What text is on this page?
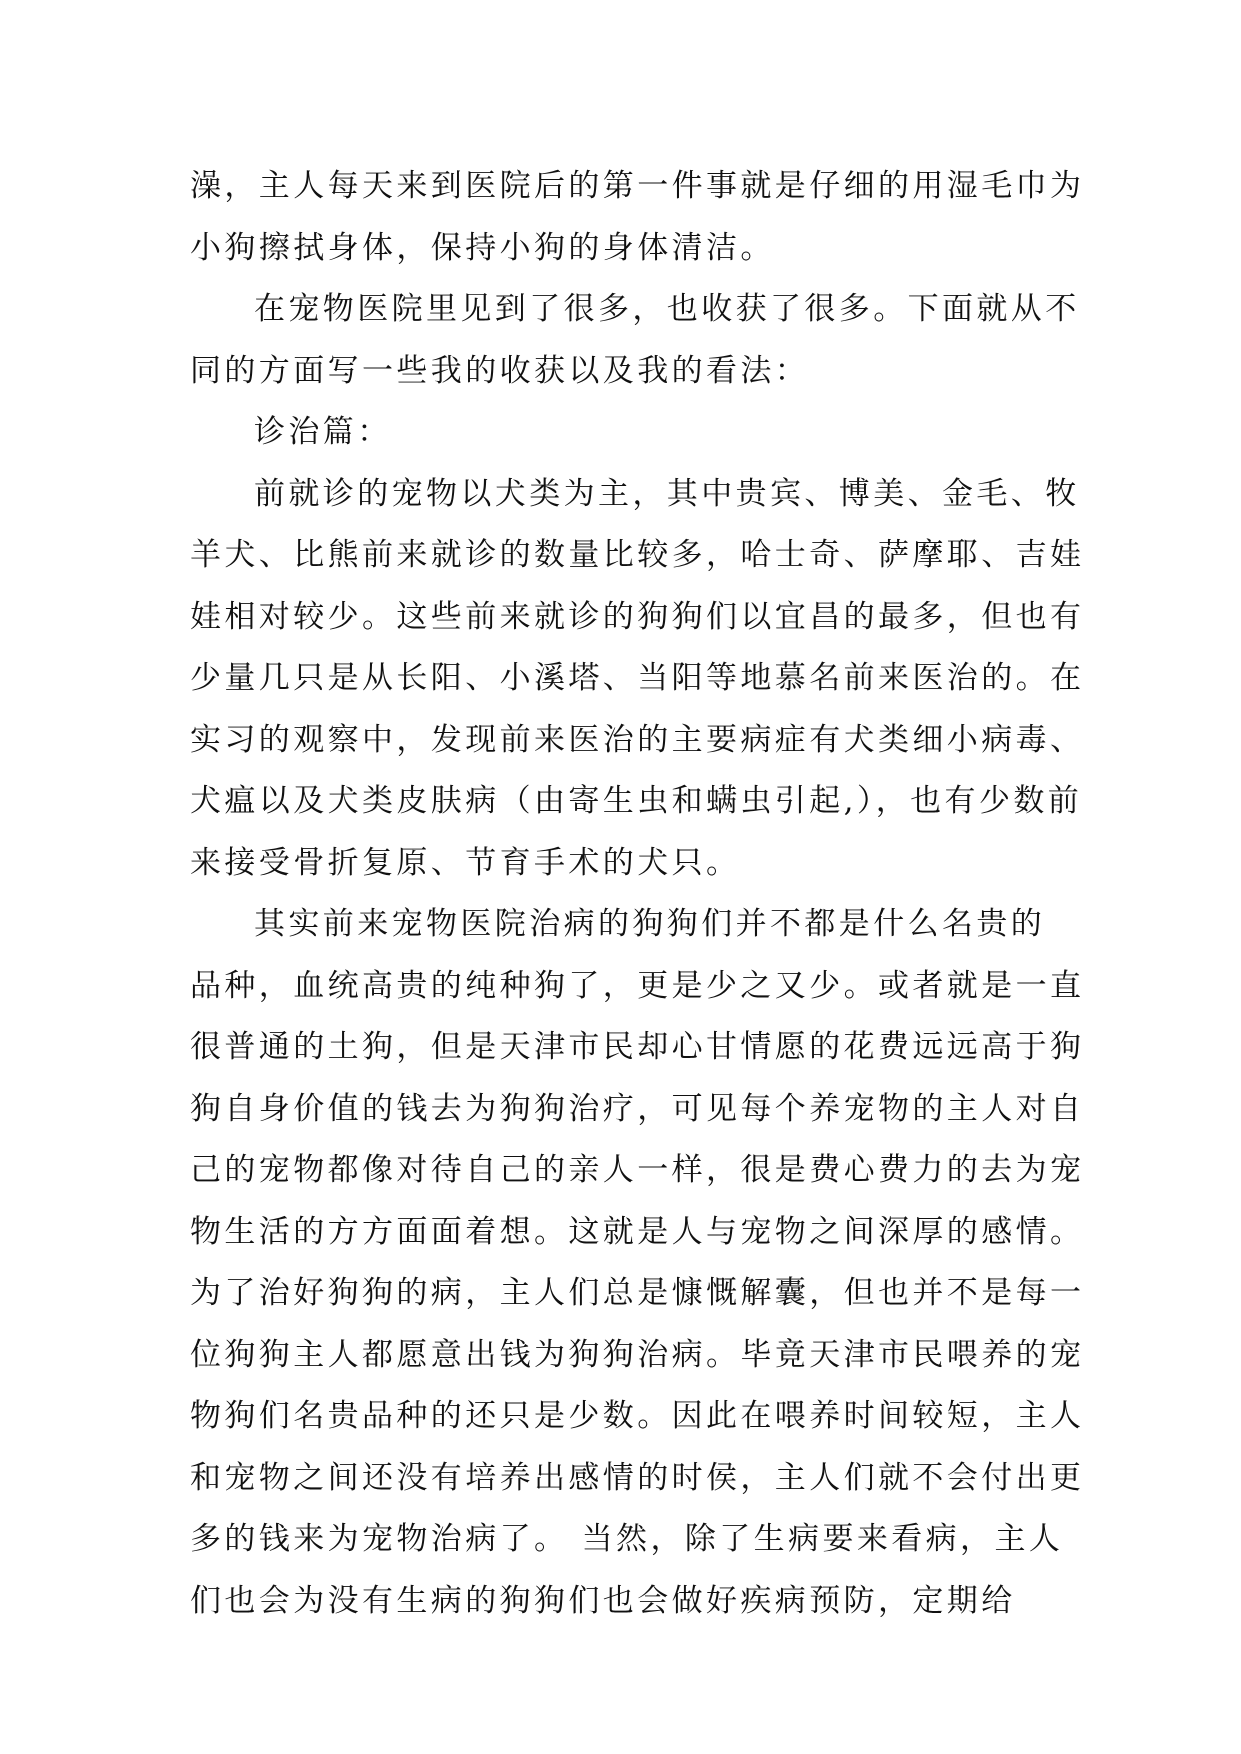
澡，主人每天来到医院后的第一件事就是仔细的用湿毛巾为
小狗擦拭身体，保持小狗的身体清洁。
在宠物医院里见到了很多，也收获了很多。下面就从不
同的方面写一些我的收获以及我的看法：
诊治篇：
前就诊的宠物以犬类为主，其中贵宾、博美、金毛、牧
羊犬、比熊前来就诊的数量比较多，哈士奇、萨摩耶、吉娃
娃相对较少。这些前来就诊的狗狗们以宜昌的最多，但也有
少量几只是从长阳、小溪塔、当阳等地慕名前来医治的。在
实习的观察中，发现前来医治的主要病症有犬类细小病毒、
犬瘟以及犬类皮肤病（由寄生虫和螨虫引起,），也有少数前
来接受骨折复原、节育手术的犬只。
其实前来宠物医院治病的狗狗们并不都是什么名贵的
品种，血统高贵的纯种狗了，更是少之又少。或者就是一直
很普通的土狗，但是天津市民却心甘情愿的花费远远高于狗
狗自身价值的钱去为狗狗治疗，可见每个养宠物的主人对自
己的宠物都像对待自己的亲人一样，很是费心费力的去为宠
物生活的方方面面着想。这就是人与宠物之间深厚的感情。
为了治好狗狗的病，主人们总是慷慨解囊，但也并不是每一
位狗狗主人都愿意出钱为狗狗治病。毕竟天津市民喂养的宠
物狗们名贵品种的还只是少数。因此在喂养时间较短，主人
和宠物之间还没有培养出感情的时侯，主人们就不会付出更
多的钱来为宠物治病了。 当然，除了生病要来看病，主人
们也会为没有生病的狗狗们也会做好疾病预防，定期给
